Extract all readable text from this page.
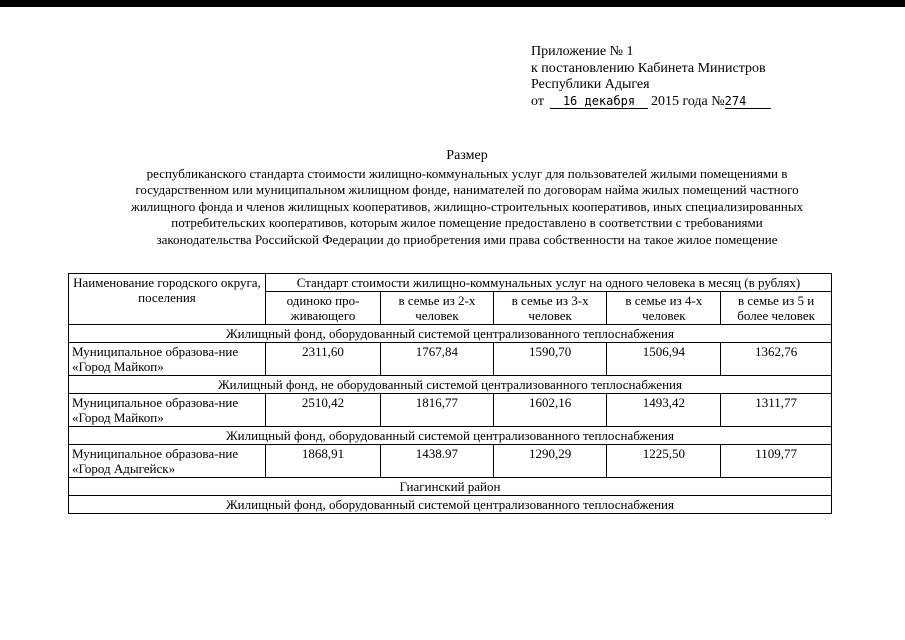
Приложение № 1
к постановлению Кабинета Министров
Республики Адыгея
от 16 декабря 2015 года №274
Размер
республиканского стандарта стоимости жилищно-коммунальных услуг для пользователей жилыми помещениями в
государственном или муниципальном жилищном фонде, нанимателей по договорам найма жилых помещений частного
жилищного фонда и членов жилищных кооперативов, жилищно-строительных кооперативов, иных специализированных
потребительских кооперативов, которым жилое помещение предоставлено в соответствии с требованиями
законодательства Российской Федерации до приобретения ими права собственности на такое жилое помещение
Наименование городского округа, поселения	Стандарт стоимости жилищно-коммунальных услуг на одного человека в месяц (в рублях)				
	одиноко про-живающего	в семье из 2-х человек	в семье из 3-х человек	в семье из 4-х человек	в семье из 5 и более человек
Жилищный фонд, оборудованный системой централизованного теплоснабжения					
Муниципальное образова-ние «Город Майкоп»	2311,60	1767,84	1590,70	1506,94	1362,76
Жилищный фонд, не оборудованный системой централизованного теплоснабжения					
Муниципальное образова-ние «Город Майкоп»	2510,42	1816,77	1602,16	1493,42	1311,77
Жилищный фонд, оборудованный системой централизованного теплоснабжения					
Муниципальное образова-ние «Город Адыгейск»	1868,91	1438.97	1290,29	1225,50	1109,77
Гиагинский район					
Жилищный фонд, оборудованный системой централизованного теплоснабжения					
